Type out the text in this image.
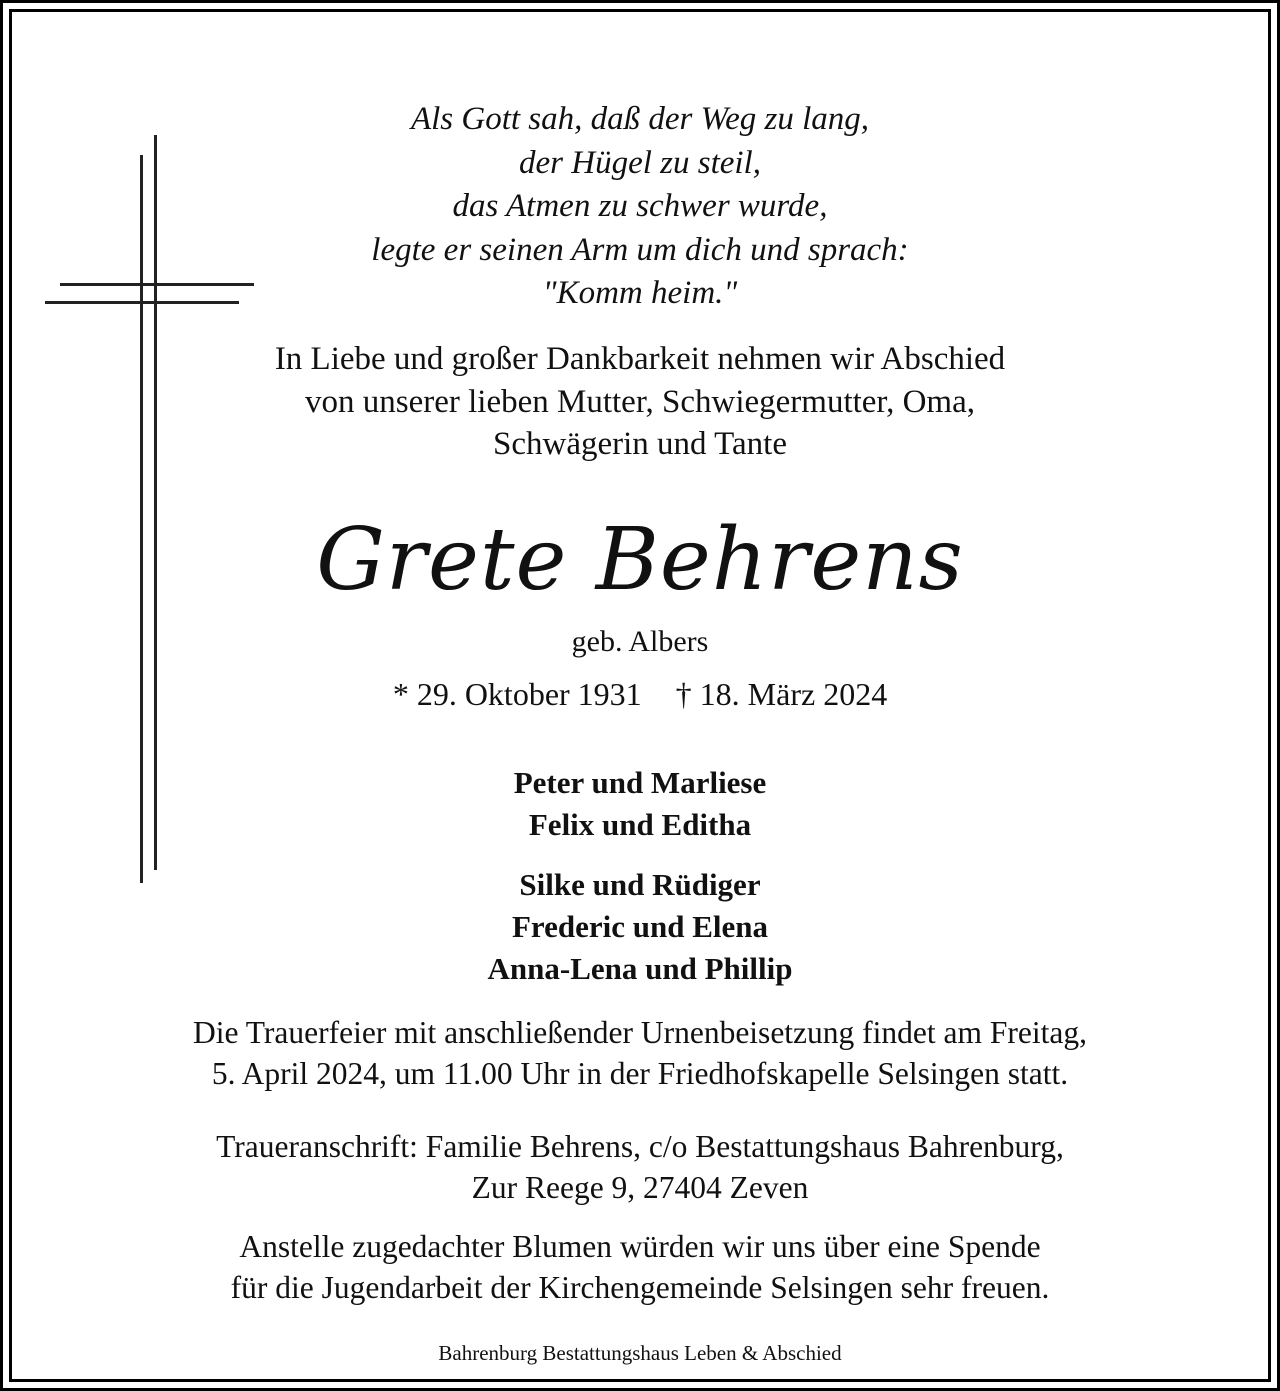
Als Gott sah, daß der Weg zu lang,
der Hügel zu steil,
das Atmen zu schwer wurde,
legte er seinen Arm um dich und sprach:
"Komm heim."
In Liebe und großer Dankbarkeit nehmen wir Abschied
von unserer lieben Mutter, Schwiegermutter, Oma,
Schwägerin und Tante
Grete Behrens
geb. Albers
* 29. Oktober 1931 † 18. März 2024
Peter und Marliese
Felix und Editha
Silke und Rüdiger
Frederic und Elena
Anna-Lena und Phillip
Die Trauerfeier mit anschließender Urnenbeisetzung findet am Freitag,
5. April 2024, um 11.00 Uhr in der Friedhofskapelle Selsingen statt.
Traueranschrift: Familie Behrens, c/o Bestattungshaus Bahrenburg,
Zur Reege 9, 27404 Zeven
Anstelle zugedachter Blumen würden wir uns über eine Spende
für die Jugendarbeit der Kirchengemeinde Selsingen sehr freuen.
Bahrenburg Bestattungshaus Leben & Abschied
